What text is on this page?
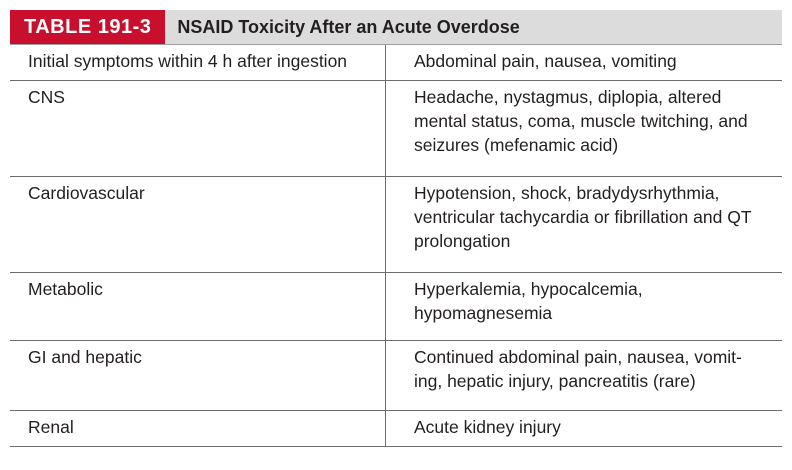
TABLE 191-3	NSAID Toxicity After an Acute Overdose
Initial symptoms within 4 h after ingestion	Abdominal pain, nausea, vomiting
CNS	Headache, nystagmus, diplopia, altered mental status, coma, muscle twitching, and seizures (mefenamic acid)
Cardiovascular	Hypotension, shock, bradydysrhythmia, ventricular tachycardia or fibrillation and QT prolongation
Metabolic	Hyperkalemia, hypocalcemia, hypomagnesemia
GI and hepatic	Continued abdominal pain, nausea, vomit- ing, hepatic injury, pancreatitis (rare)
Renal	Acute kidney injury
